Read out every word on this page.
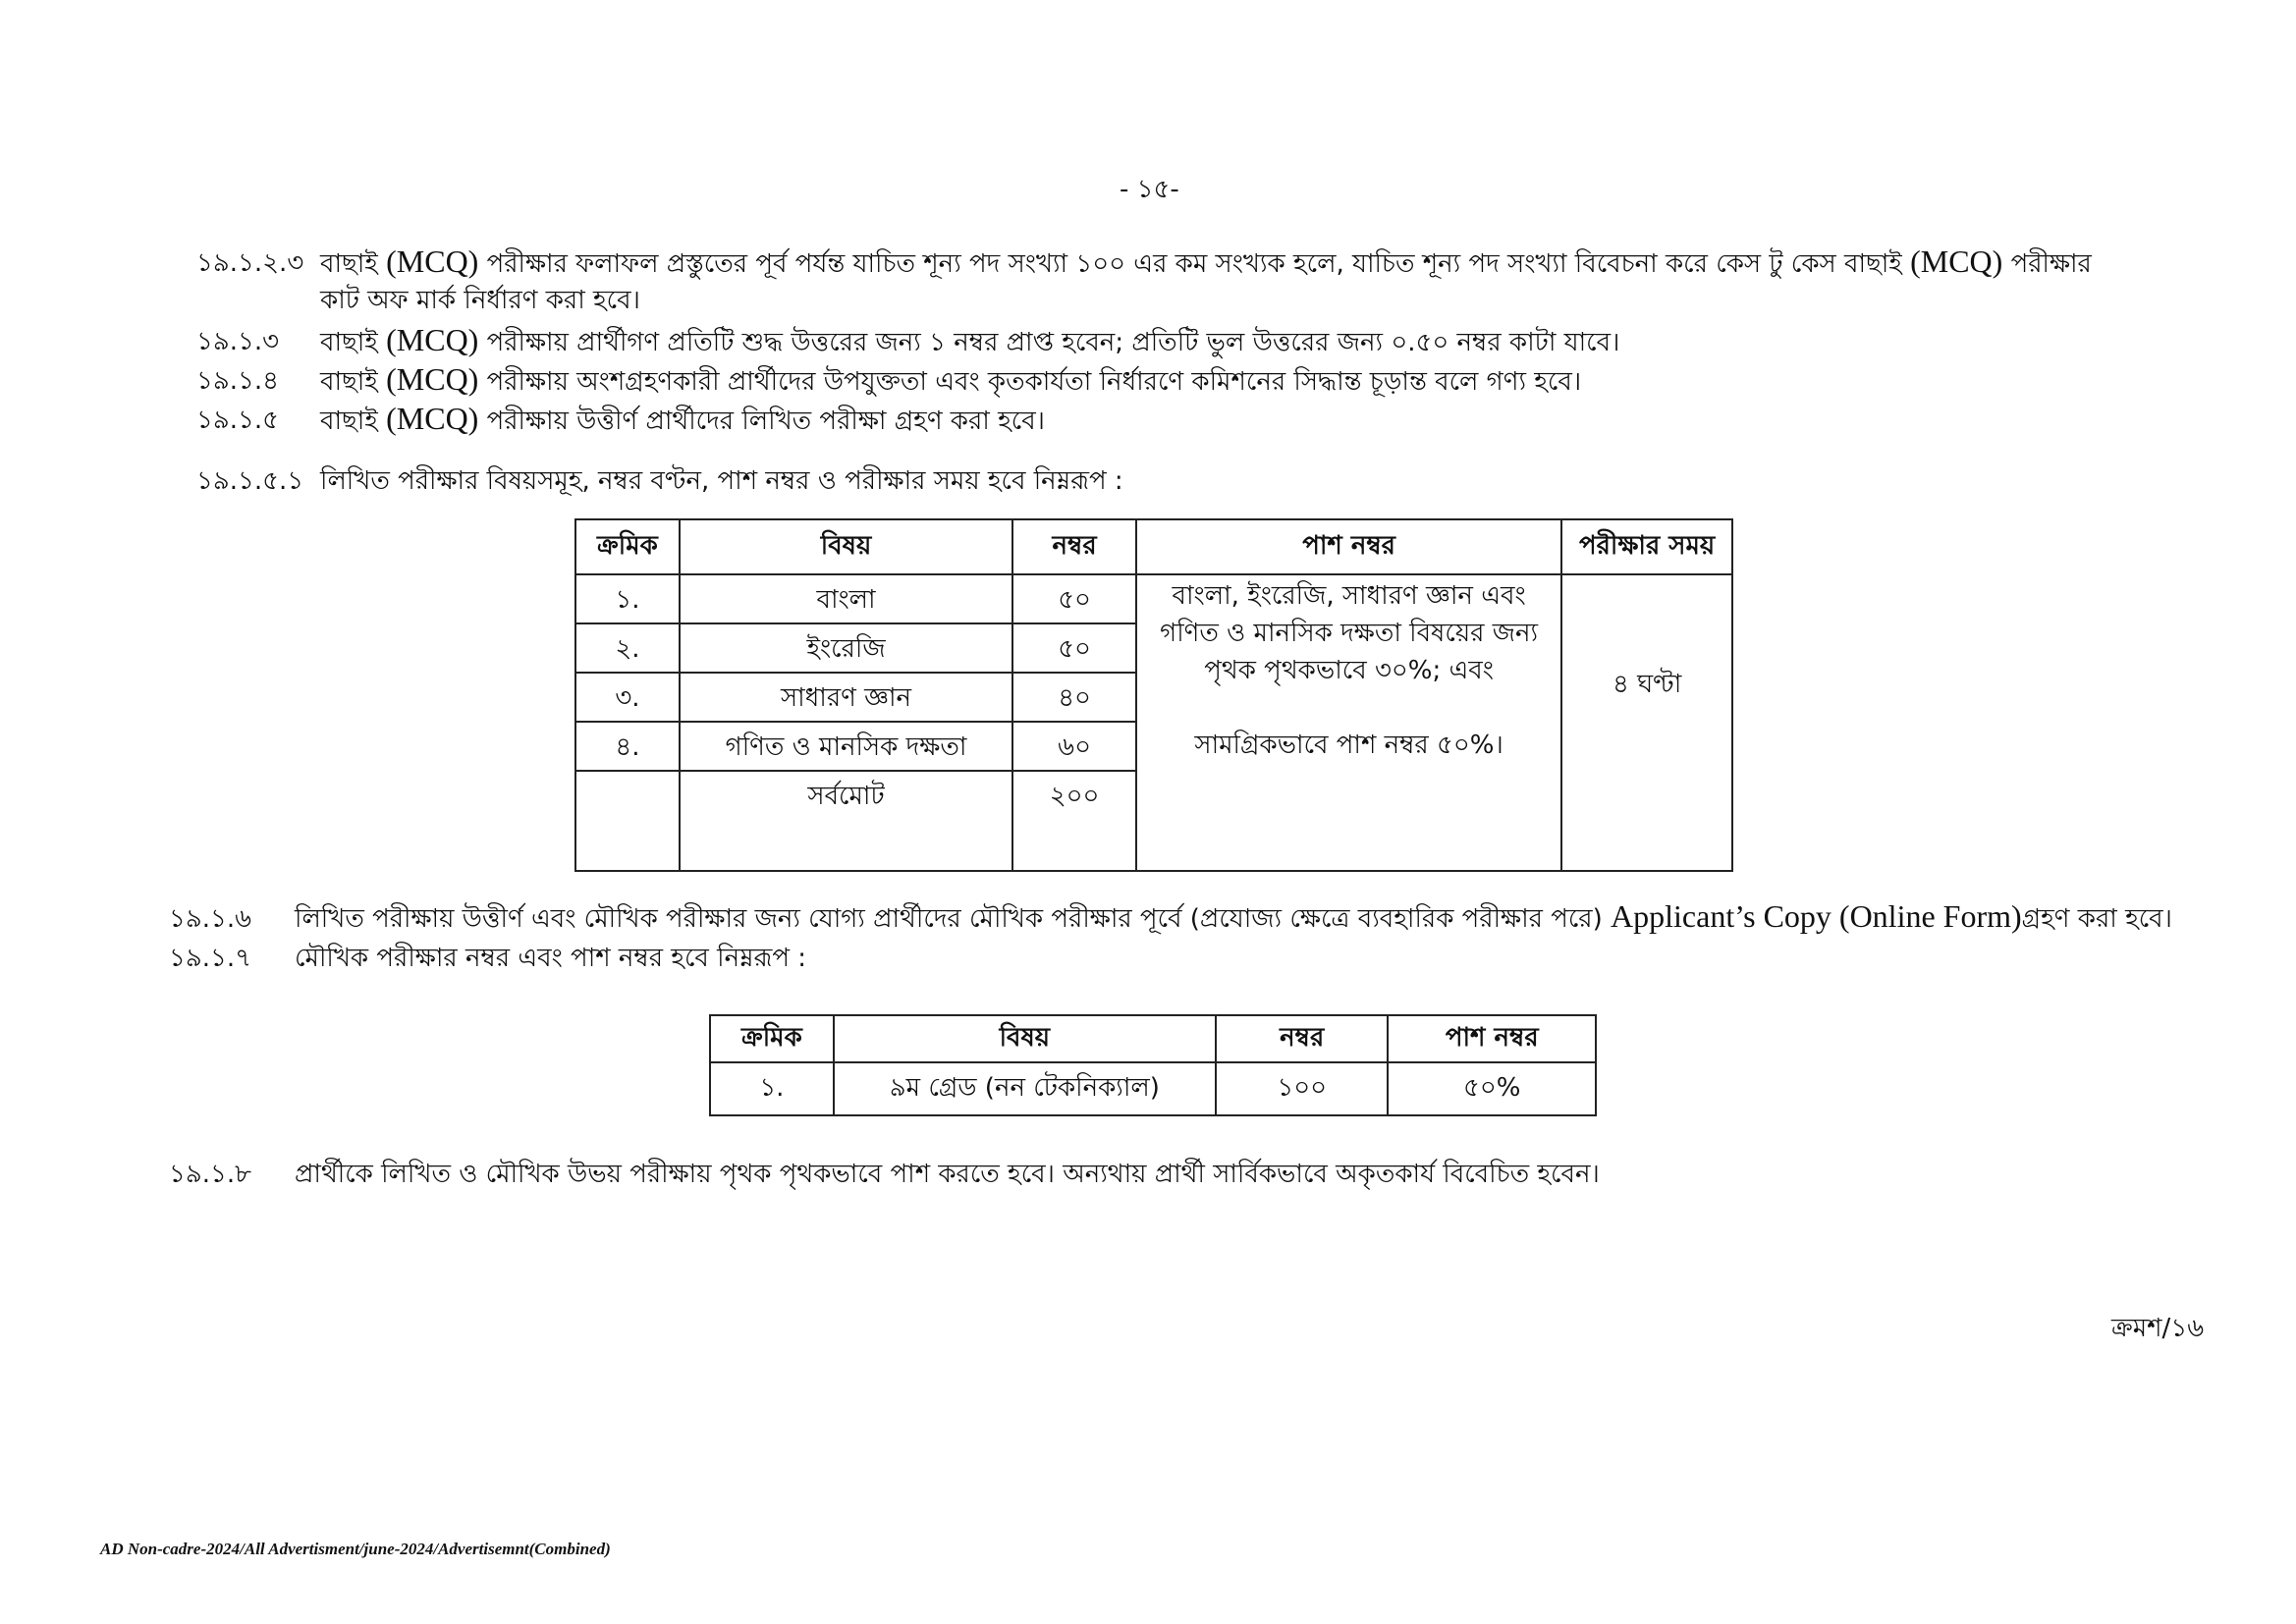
- ১৫-
১৯.১.২.৩ বাছাই (MCQ) পরীক্ষার ফলাফল প্রস্তুতের পূর্ব পর্যন্ত যাচিত শূন্য পদ সংখ্যা ১০০ এর কম সংখ্যক হলে, যাচিত শূন্য পদ সংখ্যা বিবেচনা করে কেস টু কেস বাছাই (MCQ) পরীক্ষার
কাট অফ মার্ক নির্ধারণ করা হবে।
১৯.১.৩ বাছাই (MCQ) পরীক্ষায় প্রার্থীগণ প্রতিটি শুদ্ধ উত্তরের জন্য ১ নম্বর প্রাপ্ত হবেন; প্রতিটি ভুল উত্তরের জন্য ০.৫০ নম্বর কাটা যাবে।
১৯.১.৪ বাছাই (MCQ) পরীক্ষায় অংশগ্রহণকারী প্রার্থীদের উপযুক্ততা এবং কৃতকার্যতা নির্ধারণে কমিশনের সিদ্ধান্ত চূড়ান্ত বলে গণ্য হবে।
১৯.১.৫ বাছাই (MCQ) পরীক্ষায় উত্তীর্ণ প্রার্থীদের লিখিত পরীক্ষা গ্রহণ করা হবে।
১৯.১.৫.১ লিখিত পরীক্ষার বিষয়সমূহ, নম্বর বণ্টন, পাশ নম্বর ও পরীক্ষার সময় হবে নিম্নরূপ :
ক্রমিক	বিষয়	নম্বর	পাশ নম্বর	পরীক্ষার সময়
১.	বাংলা	৫০	বাংলা, ইংরেজি, সাধারণ জ্ঞান এবং
গণিত ও মানসিক দক্ষতা বিষয়ের জন্য
পৃথক পৃথকভাবে ৩০%; এবং
সামগ্রিকভাবে পাশ নম্বর ৫০%।	৪ ঘণ্টা
২.	ইংরেজি	৫০		
৩.	সাধারণ জ্ঞান	৪০		
৪.	গণিত ও মানসিক দক্ষতা	৬০		
	সর্বমোট	২০০		
১৯.১.৬ লিখিত পরীক্ষায় উত্তীর্ণ এবং মৌখিক পরীক্ষার জন্য যোগ্য প্রার্থীদের মৌখিক পরীক্ষার পূর্বে (প্রযোজ্য ক্ষেত্রে ব্যবহারিক পরীক্ষার পরে) Applicant’s Copy (Online Form)গ্রহণ করা হবে।
১৯.১.৭ মৌখিক পরীক্ষার নম্বর এবং পাশ নম্বর হবে নিম্নরূপ :
ক্রমিক	বিষয়	নম্বর	পাশ নম্বর
১.	৯ম গ্রেড (নন টেকনিক্যাল)	১০০	৫০%
১৯.১.৮ প্রার্থীকে লিখিত ও মৌখিক উভয় পরীক্ষায় পৃথক পৃথকভাবে পাশ করতে হবে। অন্যথায় প্রার্থী সার্বিকভাবে অকৃতকার্য বিবেচিত হবেন।
ক্রমশ/১৬
AD Non-cadre-2024/All Advertisment/june-2024/Advertisemnt(Combined)
